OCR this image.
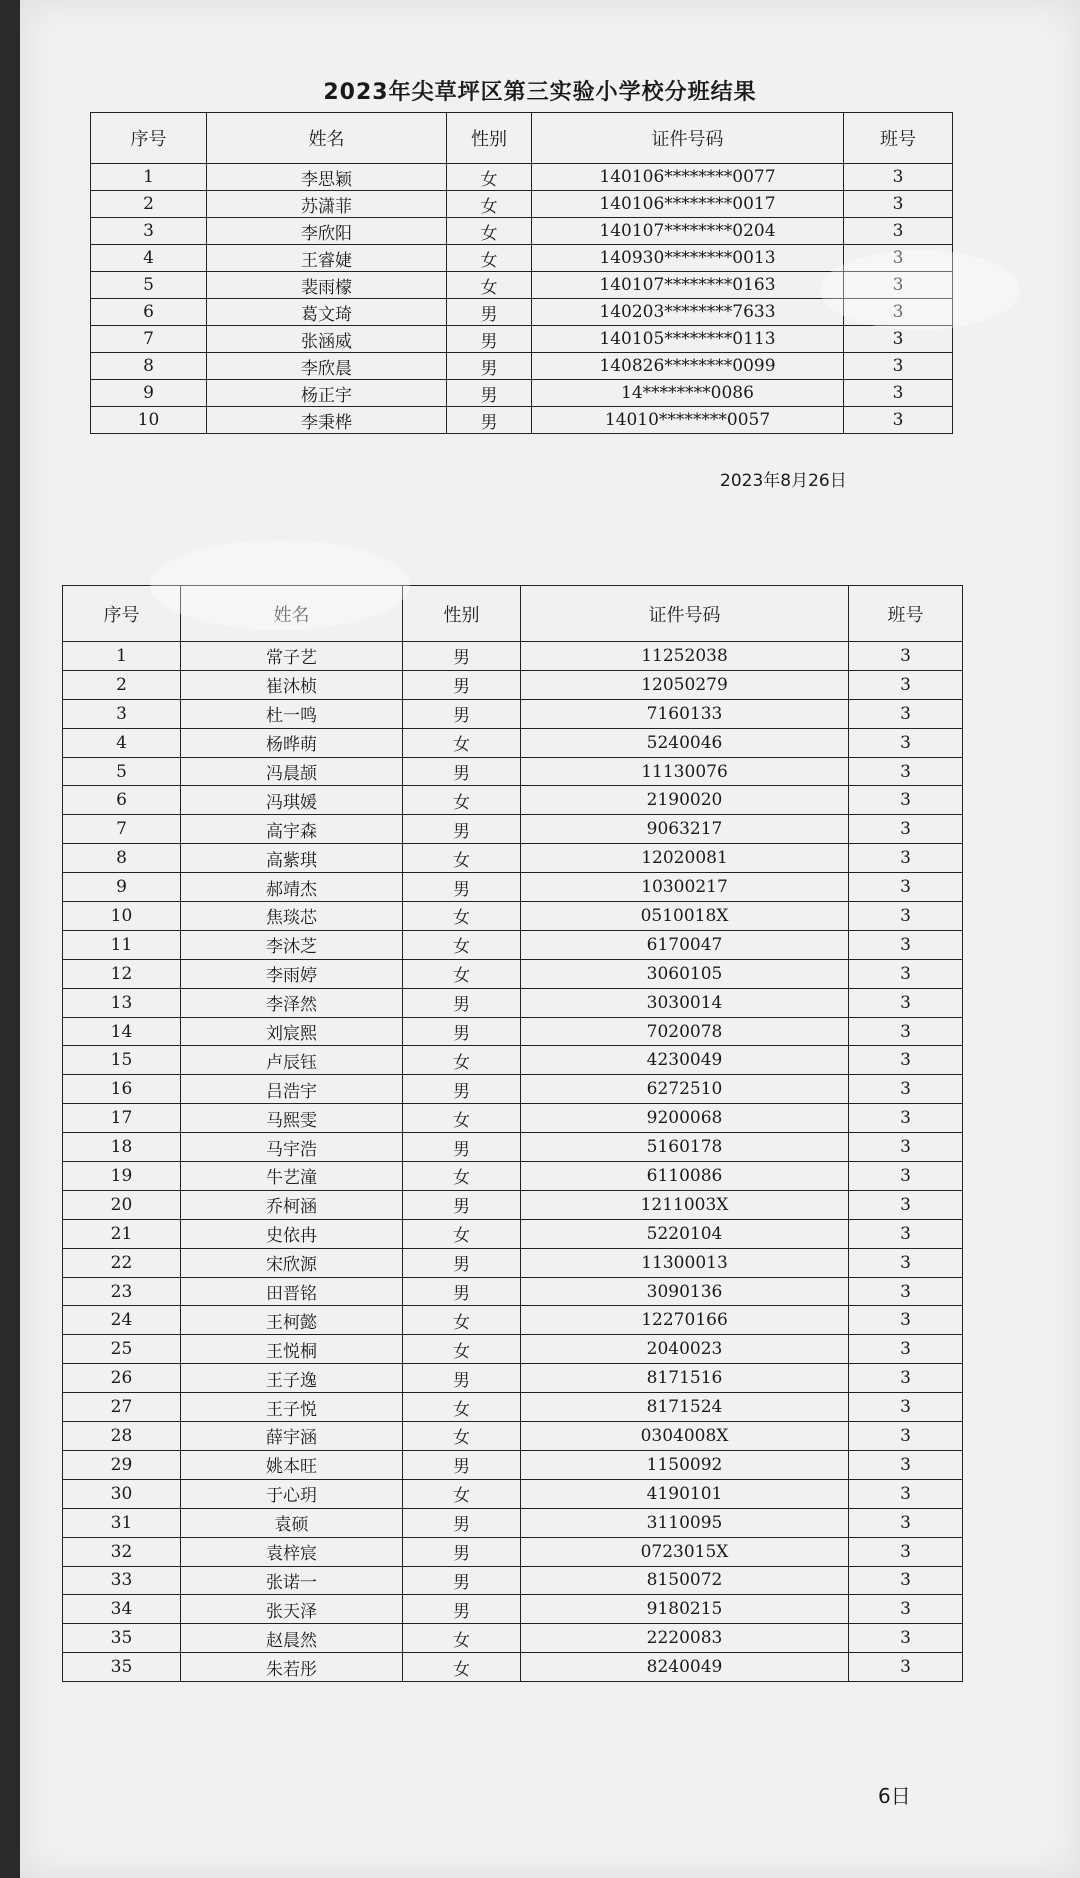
2023年尖草坪区第三实验小学校分班结果
序号	姓名	性别	证件号码	班号
1	李思颖	女	140106********0077	3
2	苏潇菲	女	140106********0017	3
3	李欣阳	女	140107********0204	3
4	王睿婕	女	140930********0013	3
5	裴雨檬	女	140107********0163	3
6	葛文琦	男	140203********7633	3
7	张涵威	男	140105********0113	3
8	李欣晨	男	140826********0099	3
9	杨正宇	男	14********0086	3
10	李秉桦	男	14010********0057	3
2023年8月26日
序号	姓名	性别	证件号码	班号
1	常子艺	男	11252038	3
2	崔沐桢	男	12050279	3
3	杜一鸣	男	7160133	3
4	杨晔萌	女	5240046	3
5	冯晨颉	男	11130076	3
6	冯琪媛	女	2190020	3
7	高宇森	男	9063217	3
8	高紫琪	女	12020081	3
9	郝靖杰	男	10300217	3
10	焦琰芯	女	0510018X	3
11	李沐芝	女	6170047	3
12	李雨婷	女	3060105	3
13	李泽然	男	3030014	3
14	刘宸熙	男	7020078	3
15	卢辰钰	女	4230049	3
16	吕浩宇	男	6272510	3
17	马熙雯	女	9200068	3
18	马宇浩	男	5160178	3
19	牛艺潼	女	6110086	3
20	乔柯涵	男	1211003X	3
21	史依冉	女	5220104	3
22	宋欣源	男	11300013	3
23	田晋铭	男	3090136	3
24	王柯懿	女	12270166	3
25	王悦桐	女	2040023	3
26	王子逸	男	8171516	3
27	王子悦	女	8171524	3
28	薛宇涵	女	0304008X	3
29	姚本旺	男	1150092	3
30	于心玥	女	4190101	3
31	袁硕	男	3110095	3
32	袁梓宸	男	0723015X	3
33	张诺一	男	8150072	3
34	张天泽	男	9180215	3
35	赵晨然	女	2220083	3
35	朱若彤	女	8240049	3
6日
